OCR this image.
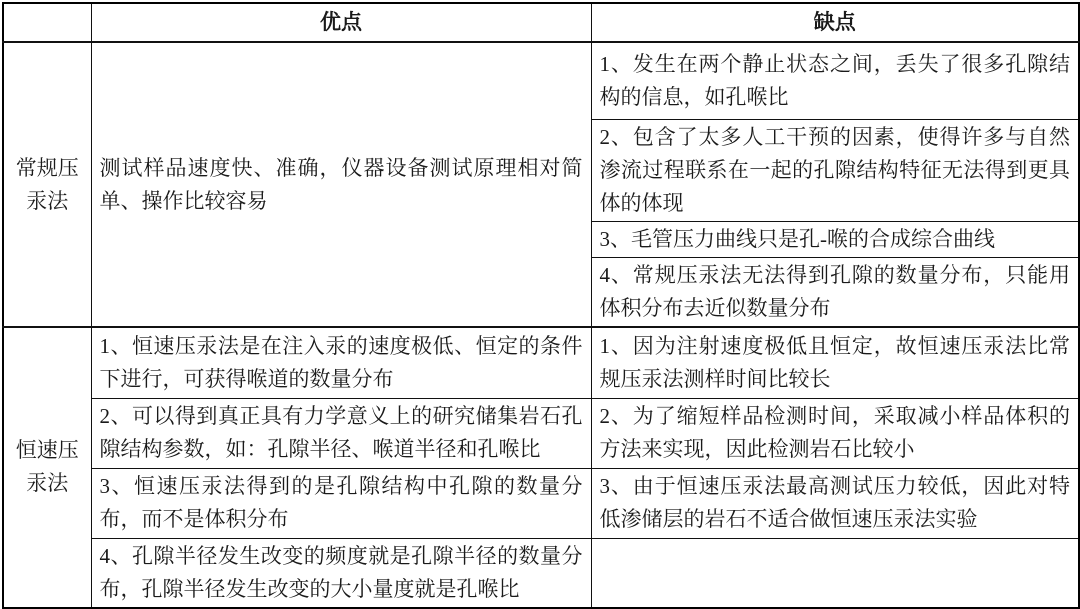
	优点	缺点
常规压汞法	测试样品速度快、准确，仪器设备测试原理相对简单、操作比较容易	1、发生在两个静止状态之间，丢失了很多孔隙结构的信息，如孔喉比
		2、包含了太多人工干预的因素，使得许多与自然渗流过程联系在一起的孔隙结构特征无法得到更具体的体现
		3、毛管压力曲线只是孔-喉的合成综合曲线
		4、常规压汞法无法得到孔隙的数量分布，只能用体积分布去近似数量分布
恒速压汞法	1、恒速压汞法是在注入汞的速度极低、恒定的条件下进行，可获得喉道的数量分布	1、因为注射速度极低且恒定，故恒速压汞法比常规压汞法测样时间比较长
	2、可以得到真正具有力学意义上的研究储集岩石孔隙结构参数，如：孔隙半径、喉道半径和孔喉比	2、为了缩短样品检测时间，采取减小样品体积的方法来实现，因此检测岩石比较小
	3、恒速压汞法得到的是孔隙结构中孔隙的数量分布，而不是体积分布	3、由于恒速压汞法最高测试压力较低，因此对特低渗储层的岩石不适合做恒速压汞法实验
	4、孔隙半径发生改变的频度就是孔隙半径的数量分布，孔隙半径发生改变的大小量度就是孔喉比	
